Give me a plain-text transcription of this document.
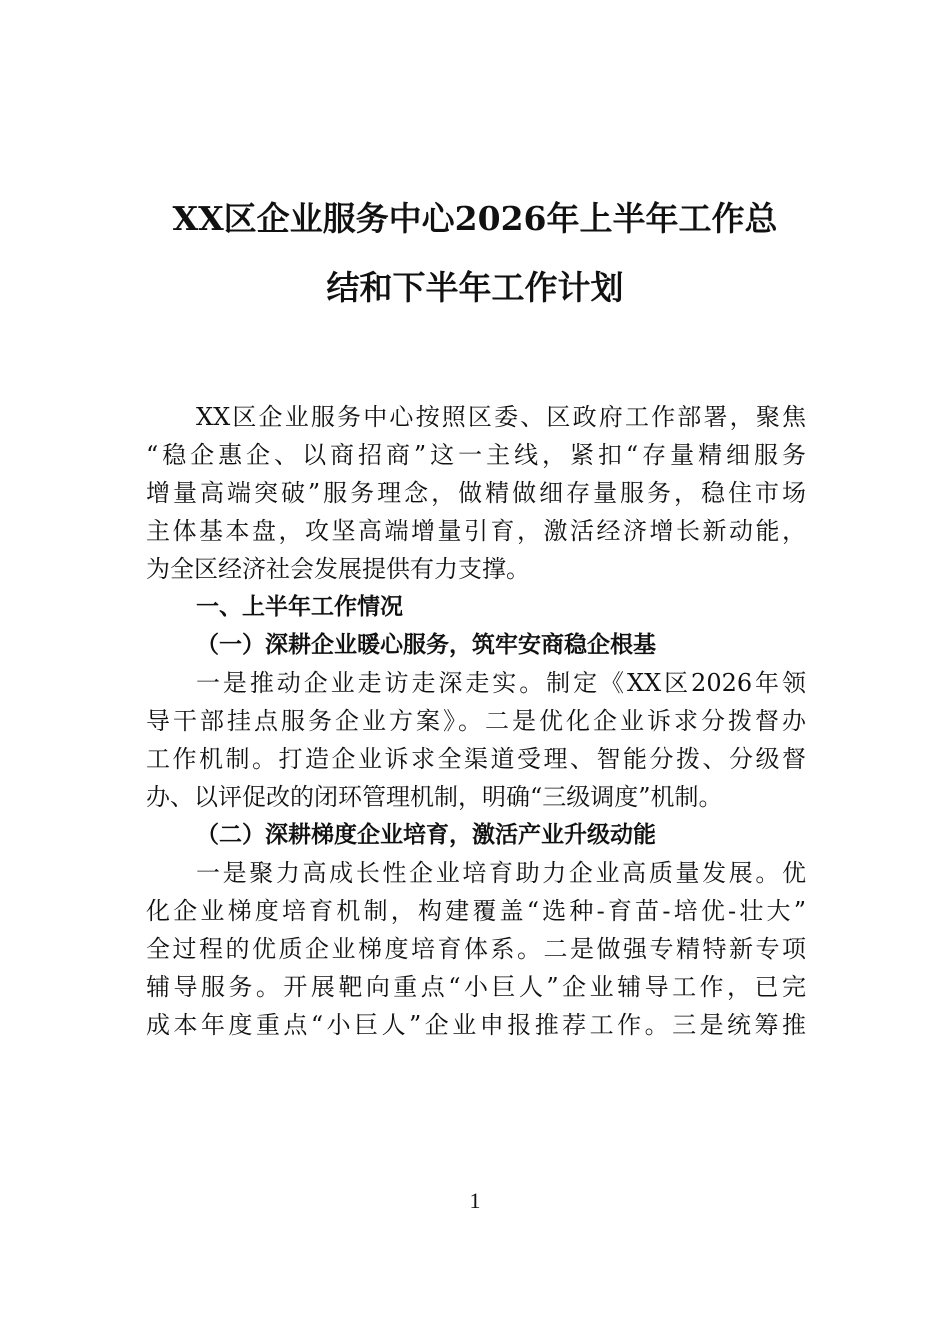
XX区企业服务中心2026年上半年工作总
结和下半年工作计划
XX区企业服务中心按照区委、区政府工作部署，聚焦
“稳企惠企、以商招商”这一主线，紧扣“存量精细服务
增量高端突破”服务理念，做精做细存量服务，稳住市场
主体基本盘，攻坚高端增量引育，激活经济增长新动能，
为全区经济社会发展提供有力支撑。
一、上半年工作情况
（一）深耕企业暖心服务，筑牢安商稳企根基
一是推动企业走访走深走实。制定《XX区2026年领
导干部挂点服务企业方案》。二是优化企业诉求分拨督办
工作机制。打造企业诉求全渠道受理、智能分拨、分级督
办、以评促改的闭环管理机制，明确“三级调度”机制。
（二）深耕梯度企业培育，激活产业升级动能
一是聚力高成长性企业培育助力企业高质量发展。优
化企业梯度培育机制，构建覆盖“选种-育苗-培优-壮大”
全过程的优质企业梯度培育体系。二是做强专精特新专项
辅导服务。开展靶向重点“小巨人”企业辅导工作，已完
成本年度重点“小巨人”企业申报推荐工作。三是统筹推
1
